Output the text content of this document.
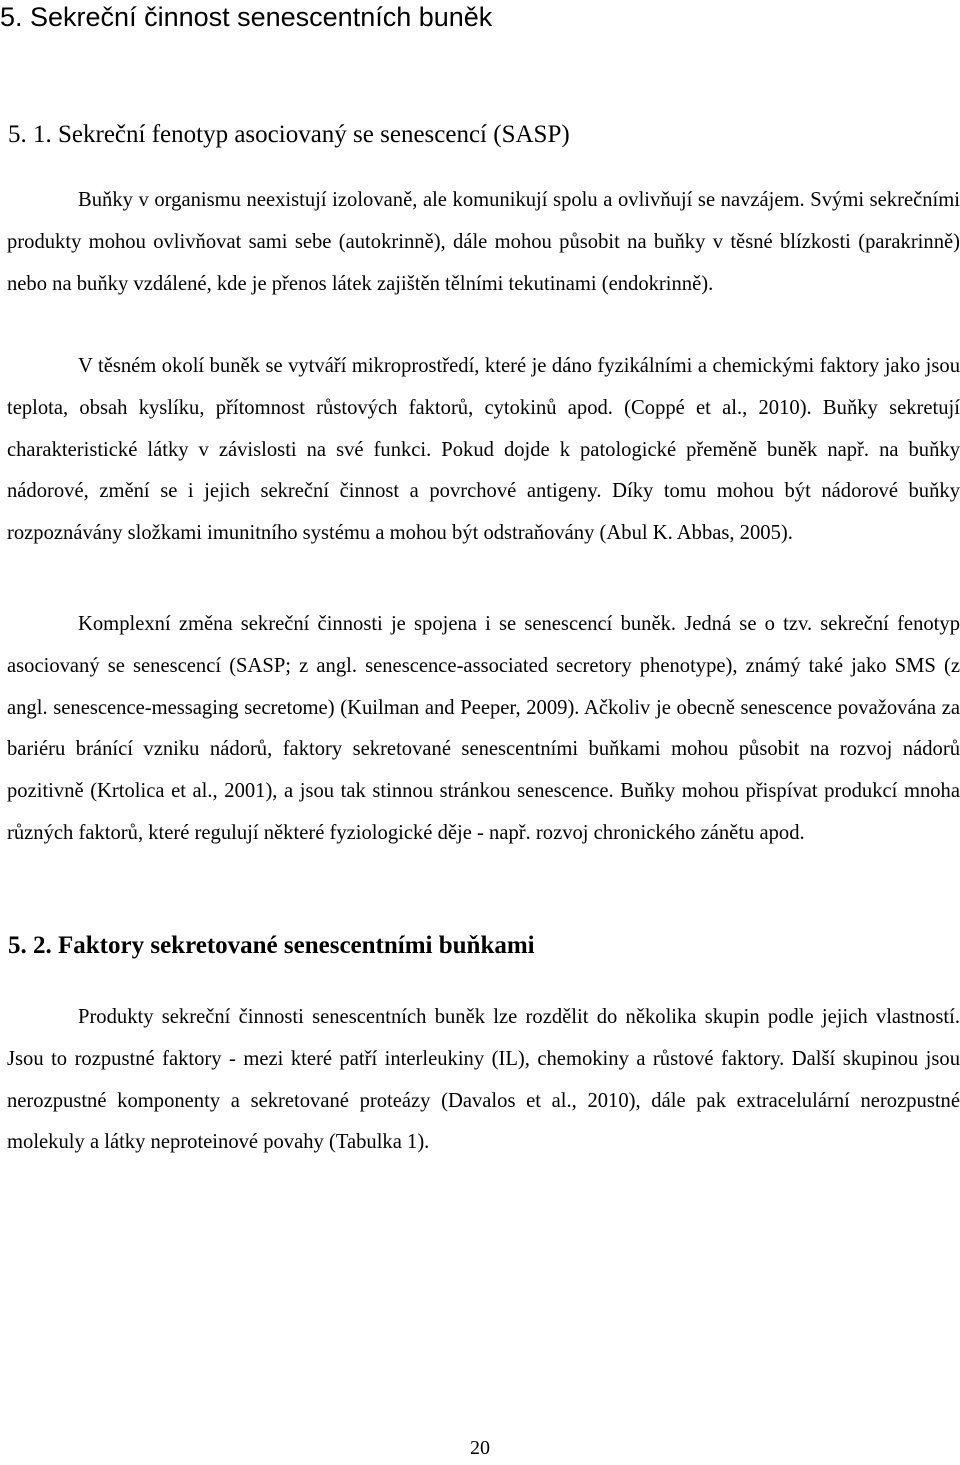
5. Sekreční činnost senescentních buněk
5. 1. Sekreční fenotyp asociovaný se senescencí (SASP)

Buňky v organismu neexistují izolovaně, ale komunikují spolu a ovlivňují se navzájem. Svými sekrečními produkty mohou ovlivňovat sami sebe (autokrinně), dále mohou působit na buňky v těsné blízkosti (parakrinně) nebo na buňky vzdálené, kde je přenos látek zajištěn tělními tekutinami (endokrinně).

V těsném okolí buněk se vytváří mikroprostředí, které je dáno fyzikálními a chemickými faktory jako jsou teplota, obsah kyslíku, přítomnost růstových faktorů, cytokinů apod. (Coppé et al., 2010). Buňky sekretují charakteristické látky v závislosti na své funkci. Pokud dojde k patologické přeměně buněk např. na buňky nádorové, změní se i jejich sekreční činnost a povrchové antigeny. Díky tomu mohou být nádorové buňky rozpoznávány složkami imunitního systému a mohou být odstraňovány (Abul K. Abbas, 2005).

Komplexní změna sekreční činnosti je spojena i se senescencí buněk. Jedná se o tzv. sekreční fenotyp asociovaný se senescencí (SASP; z angl. senescence-associated secretory phenotype), známý také jako SMS (z angl. senescence-messaging secretome) (Kuilman and Peeper, 2009). Ačkoliv je obecně senescence považována za bariéru bránící vzniku nádorů, faktory sekretované senescentními buňkami mohou působit na rozvoj nádorů pozitivně (Krtolica et al., 2001), a jsou tak stinnou stránkou senescence. Buňky mohou přispívat produkcí mnoha různých faktorů, které regulují některé fyziologické děje - např. rozvoj chronického zánětu apod.

5. 2. Faktory sekretované senescentními buňkami

Produkty sekreční činnosti senescentních buněk lze rozdělit do několika skupin podle jejich vlastností. Jsou to rozpustné faktory - mezi které patří interleukiny (IL), chemokiny a růstové faktory. Další skupinou jsou nerozpustné komponenty a sekretované proteázy (Davalos et al., 2010), dále pak extracelulární nerozpustné molekuly a látky neproteinové povahy (Tabulka 1).

20
